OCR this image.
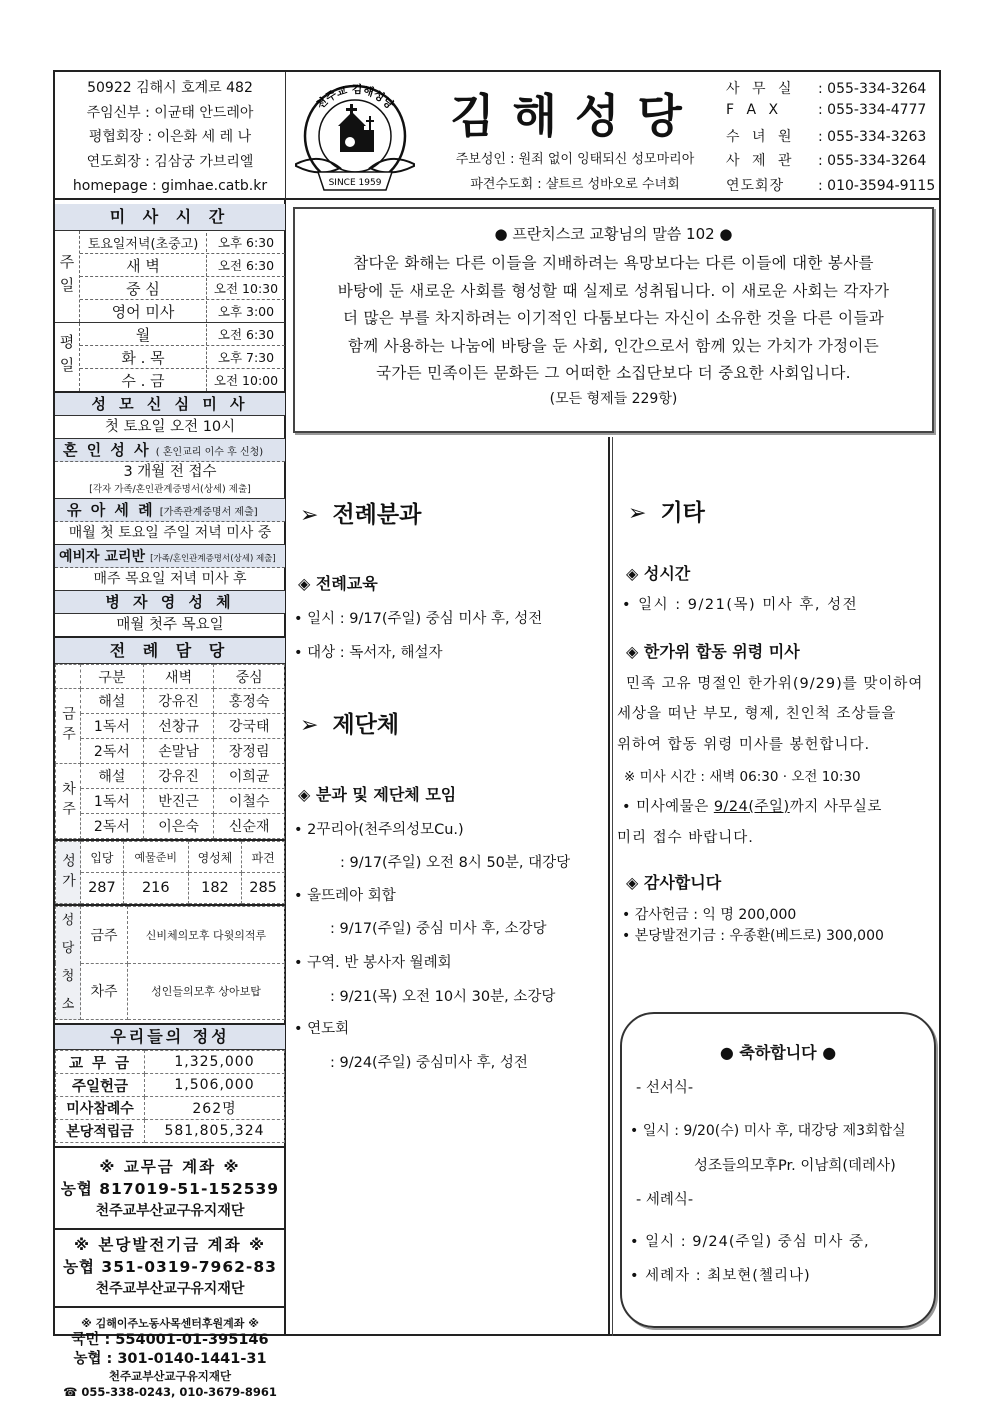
50922 김해시 호계로 482
주임신부 : 이균태 안드레아
평협회장 : 이은화 세 레 나
연도회장 : 김삼궁 가브리엘
homepage : gimhae.catb.kr
천주교 김해성당
SINCE 1959
김해성당
주보성인 : 원죄 없이 잉태되신 성모마리아
파견수도회 : 샬트르 성바오로 수녀회
사 무 실 : 055-334-3264
F A X	: 055-334-4777
수 녀 원 : 055-334-3263
사 제 관 : 055-334-3264
연도회장 : 010-3594-9115
미 사 시 간
주일
토요일저녁(초중고)	오후 6:30
새 벽	오전 6:30
중 심	오전 10:30
영어 미사	오후 3:00
평일	월	오전 6:30
화 . 목	오후 7:30
수 . 금	오전 10:00
성 모 신 심 미 사
첫 토요일 오전 10시
혼 인 성 사 ( 혼인교리 이수 후 신청)
3 개월 전 접수
[각자 가족/혼인관계증명서(상세) 제출]
유 아 세 례 [가족관계증명서 제출]
매월 첫 토요일 주일 저녁 미사 중
예비자 교리반 [가족/혼인관계증명서(상세) 제출]
매주 목요일 저녁 미사 후
병 자 영 성 체
매월 첫주 목요일
전 례 담 당
	구분	새벽	중심
금주	해설	강유진	홍정숙
	1독서	선창규	강국태
	2독서	손말남	장정림
차주	해설	강유진	이희균
	1독서	반진근	이철수
	2독서	이은숙	신순재
성가	입당	예물준비	영성체	파견
	287	216	182	285
성당청소	금주	신비체의모후 다윗의적루
	차주	성인들의모후 상아보탑
우리들의 정성
교 무 금	1,325,000
주일헌금	1,506,000
미사참례수	262명
본당적립금	581,805,324
※ 교무금 계좌 ※
농협 817019-51-152539
천주교부산교구유지재단
※ 본당발전기금 계좌 ※
농협 351-0319-7962-83
천주교부산교구유지재단
※ 김해이주노동사목센터후원계좌 ※
국민 : 554001-01-395146
농협 : 301-0140-1441-31
천주교부산교구유지재단
☎ 055-338-0243, 010-3679-8961
● 프란치스코 교황님의 말씀 102 ●
참다운 화해는 다른 이들을 지배하려는 욕망보다는 다른 이들에 대한 봉사를
바탕에 둔 새로운 사회를 형성할 때 실제로 성취됩니다. 이 새로운 사회는 각자가
더 많은 부를 차지하려는 이기적인 다툼보다는 자신이 소유한 것을 다른 이들과
함께 사용하는 나눔에 바탕을 둔 사회, 인간으로서 함께 있는 가치가 가정이든
국가든 민족이든 문화든 그 어떠한 소집단보다 더 중요한 사회입니다.
(모든 형제들 229항)
➢ 전례분과
◈ 전례교육
• 일시 : 9/17(주일) 중심 미사 후, 성전
• 대상 : 독서자, 해설자
➢ 제단체
◈ 분과 및 제단체 모임
• 2꾸리아(천주의성모Cu.)
: 9/17(주일) 오전 8시 50분, 대강당
• 울뜨레아 회합
: 9/17(주일) 중심 미사 후, 소강당
• 구역. 반 봉사자 월례회
: 9/21(목) 오전 10시 30분, 소강당
• 연도회
: 9/24(주일) 중심미사 후, 성전
➢ 기타
◈ 성시간
• 일시 : 9/21(목) 미사 후, 성전
◈ 한가위 합동 위령 미사
민족 고유 명절인 한가위(9/29)를 맞이하여
세상을 떠난 부모, 형제, 친인척 조상들을
위하여 합동 위령 미사를 봉헌합니다.
※ 미사 시간 : 새벽 06:30 · 오전 10:30
• 미사예물은 9/24(주일)까지 사무실로
미리 접수 바랍니다.
◈ 감사합니다
• 감사헌금 : 익 명 200,000
• 본당발전기금 : 우종환(베드로) 300,000
● 축하합니다 ●
- 선서식-
• 일시 : 9/20(수) 미사 후, 대강당 제3회합실
성조들의모후Pr. 이남희(데레사)
- 세례식-
• 일시 : 9/24(주일) 중심 미사 중,
• 세례자 : 최보현(첼리나)
